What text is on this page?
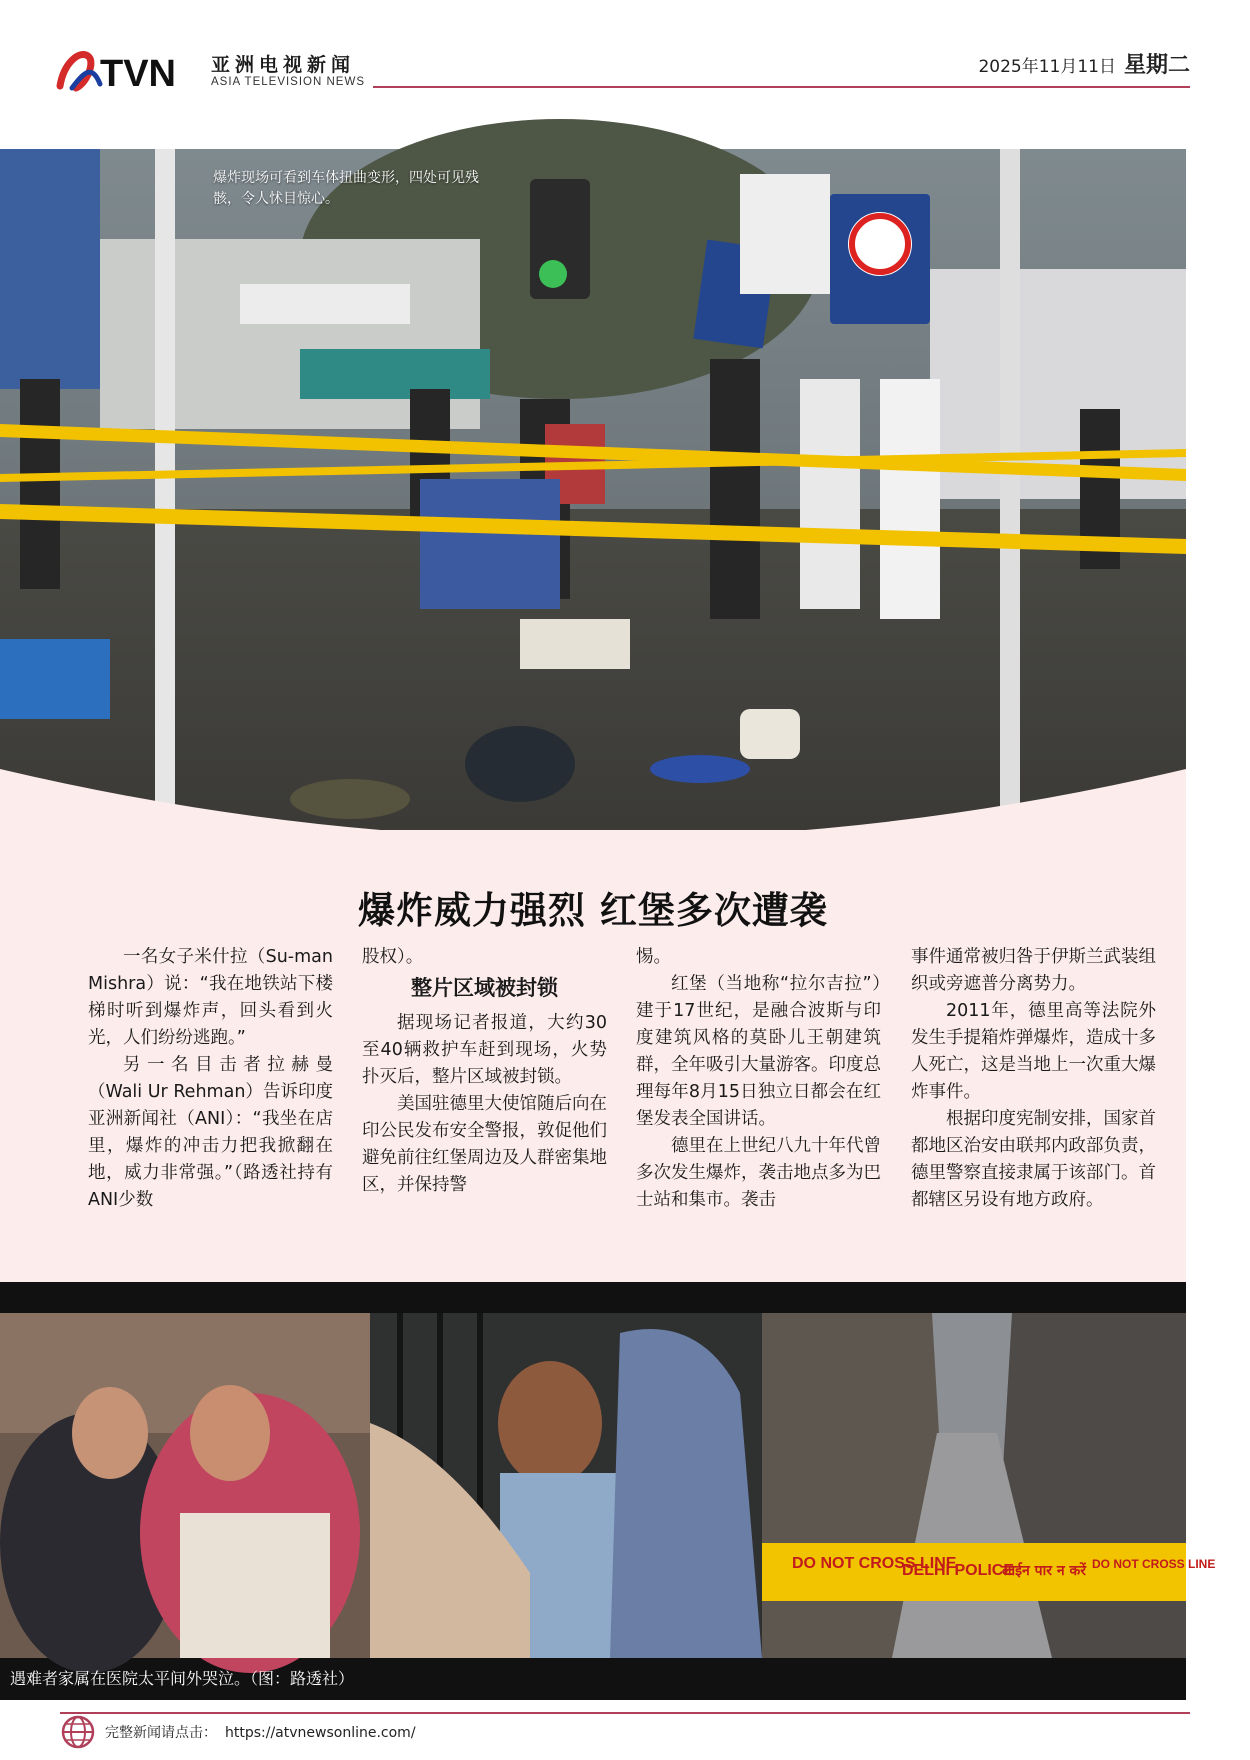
TVN 亚洲电视新闻
ASIA TELEVISION NEWS
2025年11月11日 星期二
爆炸现场可看到车体扭曲变形，四处可见残骸，令人怵目惊心。
爆炸威力强烈 红堡多次遭袭

一名女子米什拉（Su-man Mishra）说：“我在地铁站下楼梯时听到爆炸声，回头看到火光，人们纷纷逃跑。”

另一名目击者拉赫曼（Wali Ur Rehman）告诉印度亚洲新闻社（ANI）：“我坐在店里，爆炸的冲击力把我掀翻在地，威力非常强。”（路透社持有ANI少数

股权）。

整片区域被封锁

据现场记者报道，大约30至40辆救护车赶到现场，火势扑灭后，整片区域被封锁。

美国驻德里大使馆随后向在印公民发布安全警报，敦促他们避免前往红堡周边及人群密集地区，并保持警

惕。

红堡（当地称“拉尔吉拉”）建于17世纪，是融合波斯与印度建筑风格的莫卧儿王朝建筑群，全年吸引大量游客。印度总理每年8月15日独立日都会在红堡发表全国讲话。

德里在上世纪八九十年代曾多次发生爆炸，袭击地点多为巴士站和集市。袭击

事件通常被归咎于伊斯兰武装组织或旁遮普分离势力。

2011年，德里高等法院外发生手提箱炸弹爆炸，造成十多人死亡，这是当地上一次重大爆炸事件。

根据印度宪制安排，国家首都地区治安由联邦内政部负责，德里警察直接隶属于该部门。首都辖区另设有地方政府。

DO NOT CROSS LINE
DELHI POLICE
लाईन पार न करें DO NOT CROSS LINE
遇难者家属在医院太平间外哭泣。（图：路透社）
完整新闻请点击： https://atvnewsonline.com/
